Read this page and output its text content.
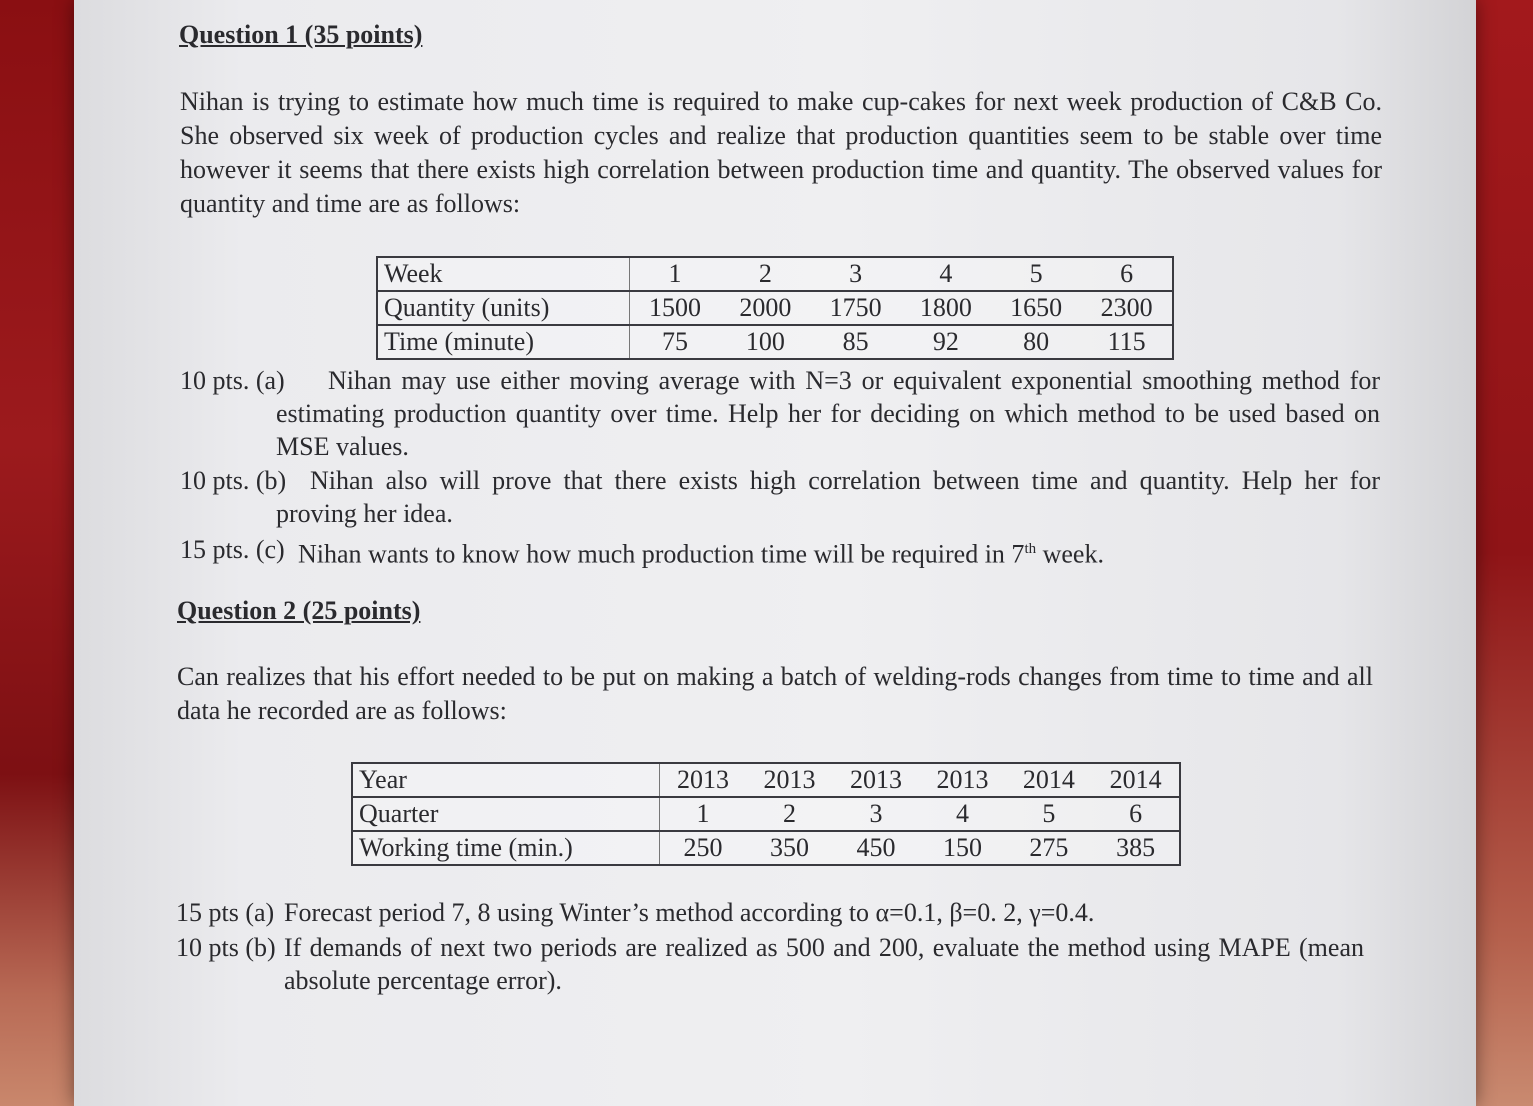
Question 1 (35 points)
Nihan is trying to estimate how much time is required to make cup-cakes for next week production of C&B Co. She observed six week of production cycles and realize that production quantities seem to be stable over time however it seems that there exists high correlation between production time and quantity. The observed values for quantity and time are as follows:
Week	1	2	3	4	5	6
Quantity (units)	1500	2000	1750	1800	1650	2300
Time (minute)	75	100	85	92	80	115
10 pts. (a)	Nihan may use either moving average with N=3 or equivalent exponential smoothing method for estimating production quantity over time. Help her for deciding on which method to be used based on MSE values.
10 pts. (b) Nihan also will prove that there exists high correlation between time and quantity. Help her for proving her idea.
15 pts. (c) Nihan wants to know how much production time will be required in 7th week.
Question 2 (25 points)
Can realizes that his effort needed to be put on making a batch of welding-rods changes from time to time and all data he recorded are as follows:
Year	2013	2013	2013	2013	2014	2014
Quarter	1	2	3	4	5	6
Working time (min.)	250	350	450	150	275	385
15 pts (a) Forecast period 7, 8 using Winter’s method according to α=0.1, β=0. 2, γ=0.4.
10 pts (b) If demands of next two periods are realized as 500 and 200, evaluate the method using MAPE (mean absolute percentage error).
